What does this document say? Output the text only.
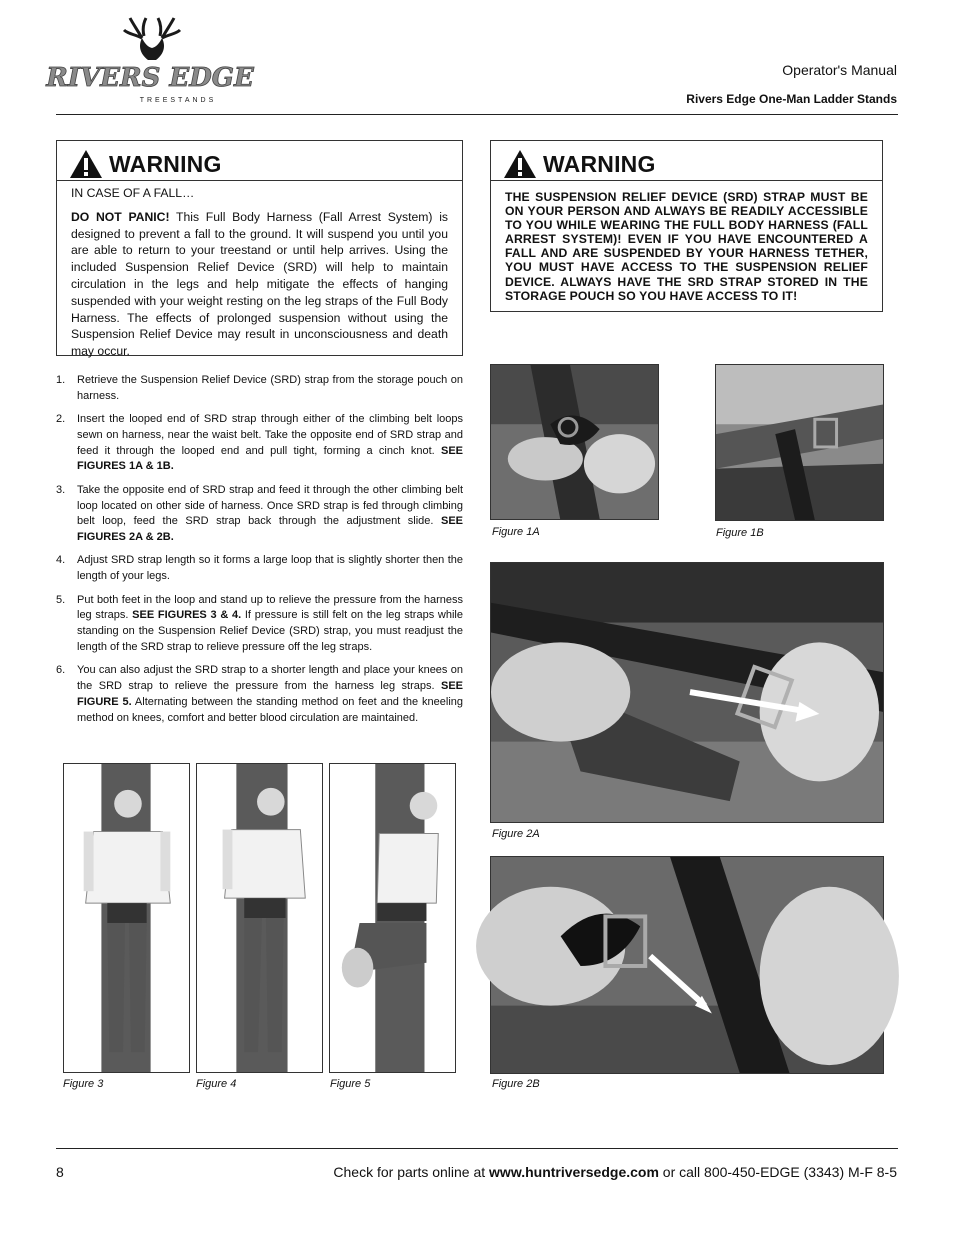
RIVERS EDGE
TREESTANDS
Operator's Manual
Rivers Edge One-Man Ladder Stands
WARNING

IN CASE OF A FALL…

DO NOT PANIC! This Full Body Harness (Fall Arrest System) is designed to prevent a fall to the ground. It will suspend you until you are able to return to your treestand or until help arrives. Using the included Suspension Relief Device (SRD) will help to maintain circulation in the legs and help mitigate the effects of hanging suspended with your weight resting on the leg straps of the Full Body Harness. The effects of prolonged suspension without using the Suspension Relief Device may result in unconsciousness and death may occur.

WARNING
THE SUSPENSION RELIEF DEVICE (SRD) STRAP MUST BE ON YOUR PERSON AND ALWAYS BE READILY ACCESSIBLE TO YOU WHILE WEARING THE FULL BODY HARNESS (FALL ARREST SYSTEM)! EVEN IF YOU HAVE ENCOUNTERED A FALL AND ARE SUSPENDED BY YOUR HARNESS TETHER, YOU MUST HAVE ACCESS TO THE SUSPENSION RELIEF DEVICE. ALWAYS HAVE THE SRD STRAP STORED IN THE STORAGE POUCH SO YOU HAVE ACCESS TO IT!
1.	Retrieve the Suspension Relief Device (SRD) strap from the storage pouch on harness.
2.	Insert the looped end of SRD strap through either of the climbing belt loops sewn on harness, near the waist belt. Take the opposite end of SRD strap and feed it through the looped end and pull tight, forming a cinch knot. SEE FIGURES 1A & 1B.
3.	Take the opposite end of SRD strap and feed it through the other climbing belt loop located on other side of harness. Once SRD strap is fed through climbing belt loop, feed the SRD strap back through the adjustment slide. SEE FIGURES 2A & 2B.
4.	Adjust SRD strap length so it forms a large loop that is slightly shorter then the length of your legs.
5.	Put both feet in the loop and stand up to relieve the pressure from the harness leg straps. SEE FIGURES 3 & 4. If pressure is still felt on the leg straps while standing on the Suspension Relief Device (SRD) strap, you must readjust the length of the SRD strap to relieve pressure off the leg straps.
6.	You can also adjust the SRD strap to a shorter length and place your knees on the SRD strap to relieve the pressure from the harness leg straps. SEE FIGURE 5. Alternating between the standing method on feet and the kneeling method on knees, comfort and better blood circulation are maintained.
Figure 1A	Figure 1B
Figure 2A
Figure 2B
Figure 3	Figure 4	Figure 5
8	Check for parts online at www.huntriversedge.com or call 800-450-EDGE (3343) M-F 8-5
